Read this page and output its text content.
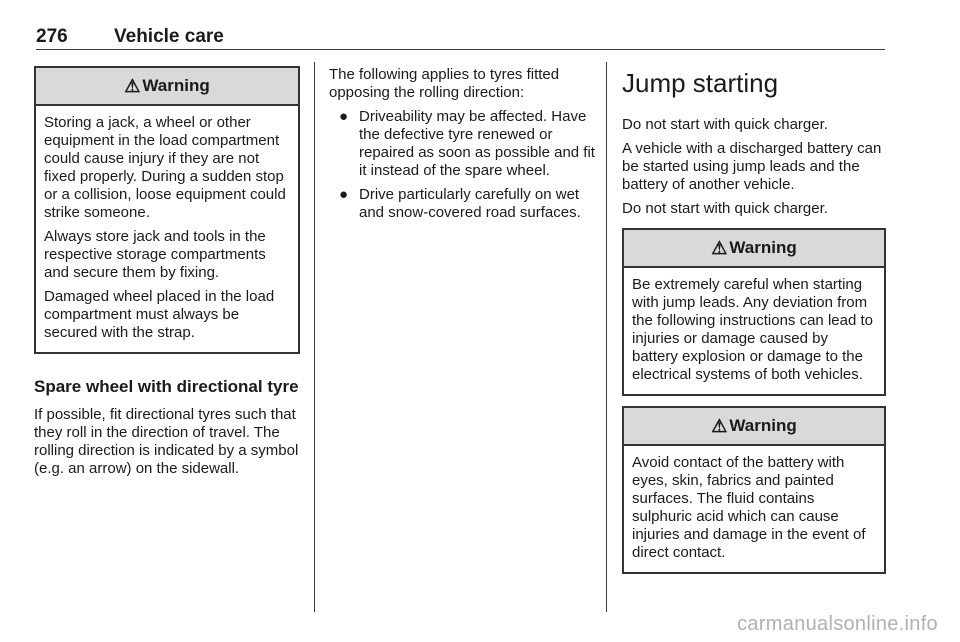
276 Vehicle care
⚠ Warning

Storing a jack, a wheel or other equipment in the load compartment could cause injury if they are not fixed properly. During a sudden stop or a collision, loose equipment could strike someone.

Always store jack and tools in the respective storage compartments and secure them by fixing.

Damaged wheel placed in the load compartment must always be secured with the strap.

Spare wheel with directional tyre

If possible, fit directional tyres such that they roll in the direction of travel. The rolling direction is indicated by a symbol (e.g. an arrow) on the sidewall.

The following applies to tyres fitted opposing the rolling direction:

● Driveability may be affected. Have the defective tyre renewed or repaired as soon as possible and fit it instead of the spare wheel.
● Drive particularly carefully on wet and snow-covered road surfaces.
Jump starting

Do not start with quick charger.

A vehicle with a discharged battery can be started using jump leads and the battery of another vehicle.

Do not start with quick charger.

⚠ Warning

Be extremely careful when starting with jump leads. Any deviation from the following instructions can lead to injuries or damage caused by battery explosion or damage to the electrical systems of both vehicles.

⚠ Warning

Avoid contact of the battery with eyes, skin, fabrics and painted surfaces. The fluid contains sulphuric acid which can cause injuries and damage in the event of direct contact.

carmanualsonline.info
